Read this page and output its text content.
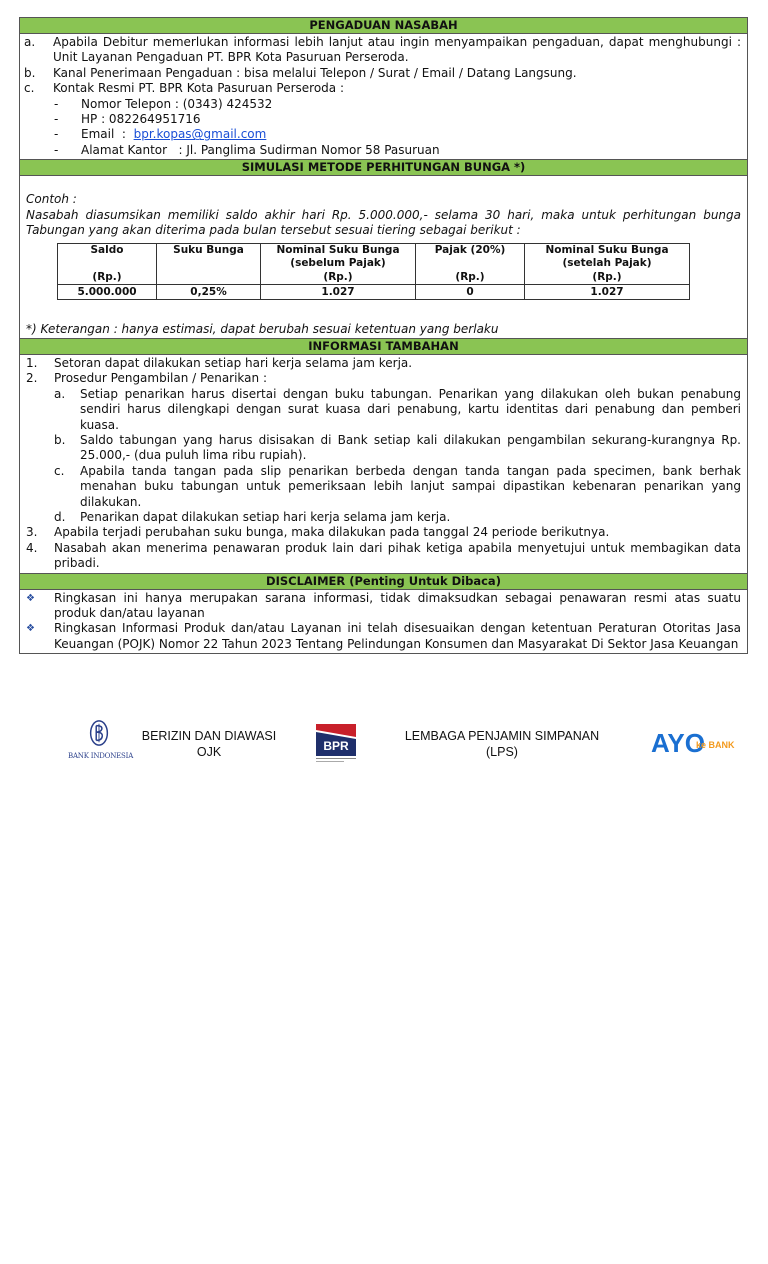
PENGADUAN NASABAH
a.	Apabila Debitur memerlukan informasi lebih lanjut atau ingin menyampaikan pengaduan, dapat menghubungi : Unit Layanan Pengaduan PT. BPR Kota Pasuruan Perseroda.
b.	Kanal Penerimaan Pengaduan : bisa melalui Telepon / Surat / Email / Datang Langsung.
c.	Kontak Resmi PT. BPR Kota Pasuruan Perseroda :
-	Nomor Telepon : (0343) 424532
-	HP : 082264951716
-	Email  : bpr.kopas@gmail.com
-	Alamat Kantor   : Jl. Panglima Sudirman Nomor 58 Pasuruan
SIMULASI METODE PERHITUNGAN BUNGA *)
Contoh :
Nasabah diasumsikan memiliki saldo akhir hari Rp. 5.000.000,- selama 30 hari, maka untuk perhitungan bunga Tabungan yang akan diterima pada bulan tersebut sesuai tiering sebagai berikut :
Saldo	Suku Bunga	Nominal Suku Bunga (sebelum Pajak)	Pajak (20%)	Nominal Suku Bunga (setelah Pajak)
(Rp.)		(Rp.)	(Rp.)	(Rp.)
5.000.000	0,25%	1.027	0	1.027
*) Keterangan : hanya estimasi, dapat berubah sesuai ketentuan yang berlaku
INFORMASI TAMBAHAN
1.	Setoran dapat dilakukan setiap hari kerja selama jam kerja.
2.	Prosedur Pengambilan / Penarikan :
a.	Setiap penarikan harus disertai dengan buku tabungan. Penarikan yang dilakukan oleh bukan penabung sendiri harus dilengkapi dengan surat kuasa dari penabung, kartu identitas dari penabung dan pemberi kuasa.
b.	Saldo tabungan yang harus disisakan di Bank setiap kali dilakukan pengambilan sekurang-kurangnya Rp. 25.000,- (dua puluh lima ribu rupiah).
c.	Apabila tanda tangan pada slip penarikan berbeda dengan tanda tangan pada specimen, bank berhak menahan buku tabungan untuk pemeriksaan lebih lanjut sampai dipastikan kebenaran penarikan yang dilakukan.
d.	Penarikan dapat dilakukan setiap hari kerja selama jam kerja.
3.	Apabila terjadi perubahan suku bunga, maka dilakukan pada tanggal 24 periode berikutnya.
4.	Nasabah akan menerima penawaran produk lain dari pihak ketiga apabila menyetujui untuk membagikan data pribadi.
DISCLAIMER (Penting Untuk Dibaca)
❖	Ringkasan ini hanya merupakan sarana informasi, tidak dimaksudkan sebagai penawaran resmi atas suatu produk dan/atau layanan
❖	Ringkasan Informasi Produk dan/atau Layanan ini telah disesuaikan dengan ketentuan Peraturan Otoritas Jasa Keuangan (POJK) Nomor 22 Tahun 2023 Tentang Pelindungan Konsumen dan Masyarakat Di Sektor Jasa Keuangan
BANK INDONESIA
BERIZIN DAN DIAWASI
OJK	BPR
LEMBAGA PENJAMIN SIMPANAN
(LPS)	AYO
ke BANK
